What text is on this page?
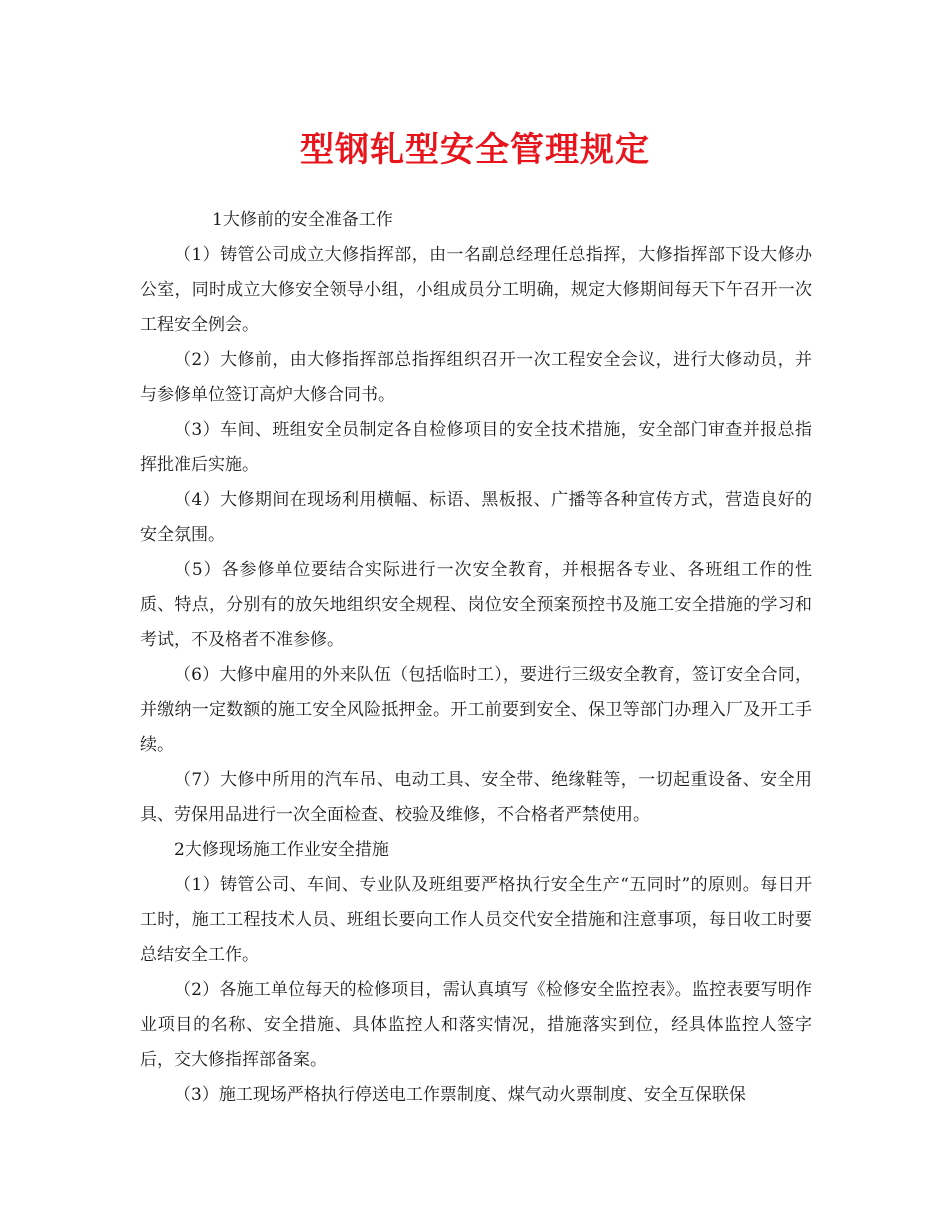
型钢轧型安全管理规定

1大修前的安全准备工作

（1）铸管公司成立大修指挥部，由一名副总经理任总指挥，大修指挥部下设大修办公室，同时成立大修安全领导小组，小组成员分工明确，规定大修期间每天下午召开一次工程安全例会。

（2）大修前，由大修指挥部总指挥组织召开一次工程安全会议，进行大修动员，并与参修单位签订高炉大修合同书。

（3）车间、班组安全员制定各自检修项目的安全技术措施，安全部门审查并报总指挥批准后实施。

（4）大修期间在现场利用横幅、标语、黑板报、广播等各种宣传方式，营造良好的安全氛围。

（5）各参修单位要结合实际进行一次安全教育，并根据各专业、各班组工作的性质、特点，分别有的放矢地组织安全规程、岗位安全预案预控书及施工安全措施的学习和考试，不及格者不准参修。

（6）大修中雇用的外来队伍（包括临时工），要进行三级安全教育，签订安全合同，并缴纳一定数额的施工安全风险抵押金。开工前要到安全、保卫等部门办理入厂及开工手续。

（7）大修中所用的汽车吊、电动工具、安全带、绝缘鞋等，一切起重设备、安全用具、劳保用品进行一次全面检查、校验及维修，不合格者严禁使用。

2大修现场施工作业安全措施

（1）铸管公司、车间、专业队及班组要严格执行安全生产“五同时”的原则。每日开工时，施工工程技术人员、班组长要向工作人员交代安全措施和注意事项，每日收工时要总结安全工作。

（2）各施工单位每天的检修项目，需认真填写《检修安全监控表》。监控表要写明作业项目的名称、安全措施、具体监控人和落实情况，措施落实到位，经具体监控人签字后，交大修指挥部备案。

（3）施工现场严格执行停送电工作票制度、煤气动火票制度、安全互保联保
